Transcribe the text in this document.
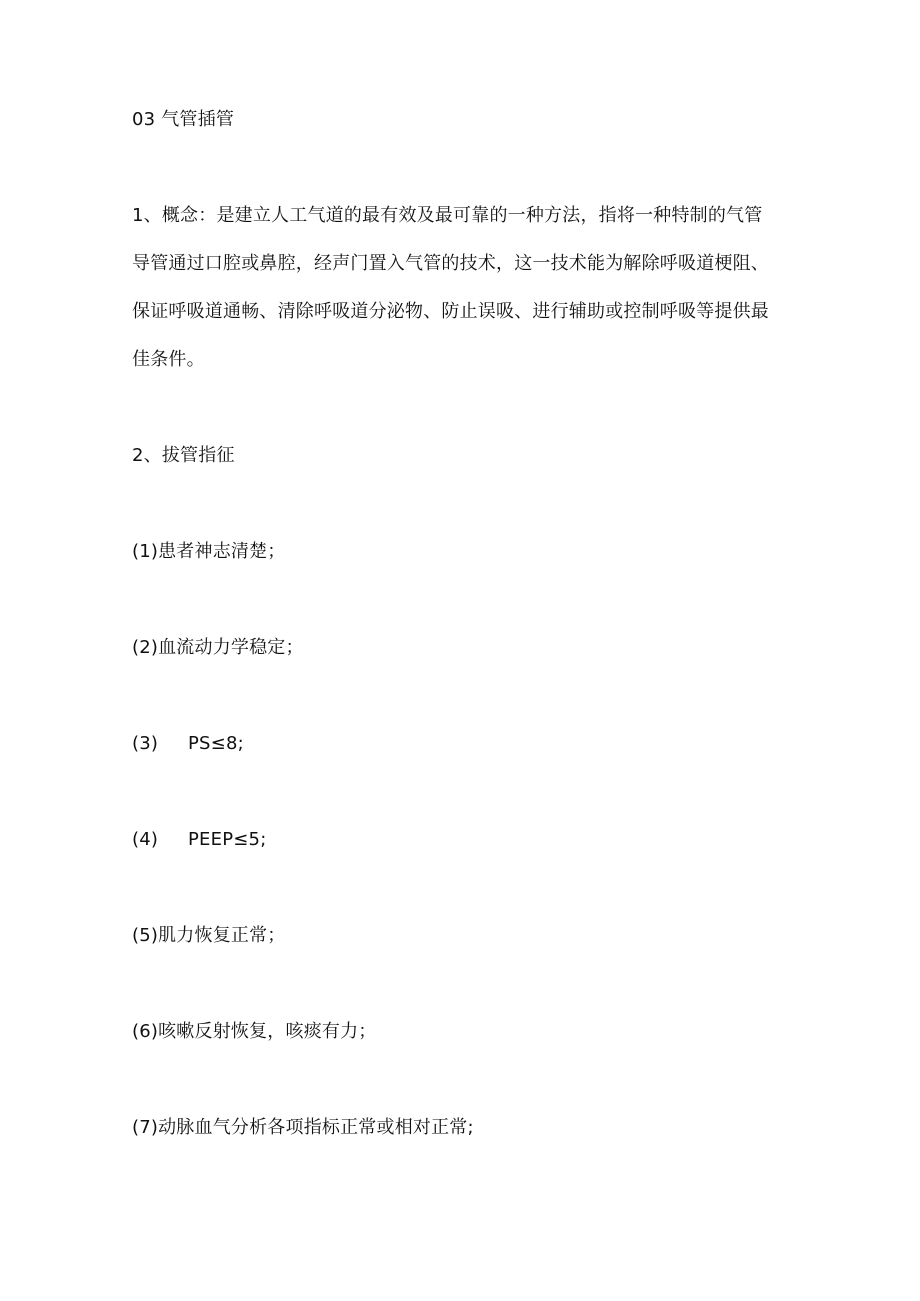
03 气管插管
1、概念：是建立人工气道的最有效及最可靠的一种方法，指将一种特制的气管
导管通过口腔或鼻腔，经声门置入气管的技术，这一技术能为解除呼吸道梗阻、
保证呼吸道通畅、清除呼吸道分泌物、防止误吸、进行辅助或控制呼吸等提供最
佳条件。
2、拔管指征
(1)患者神志清楚；
(2)血流动力学稳定；
(3) PS≤8;
(4) PEEP≤5;
(5)肌力恢复正常；
(6)咳嗽反射恢复，咳痰有力；
(7)动脉血气分析各项指标正常或相对正常;
